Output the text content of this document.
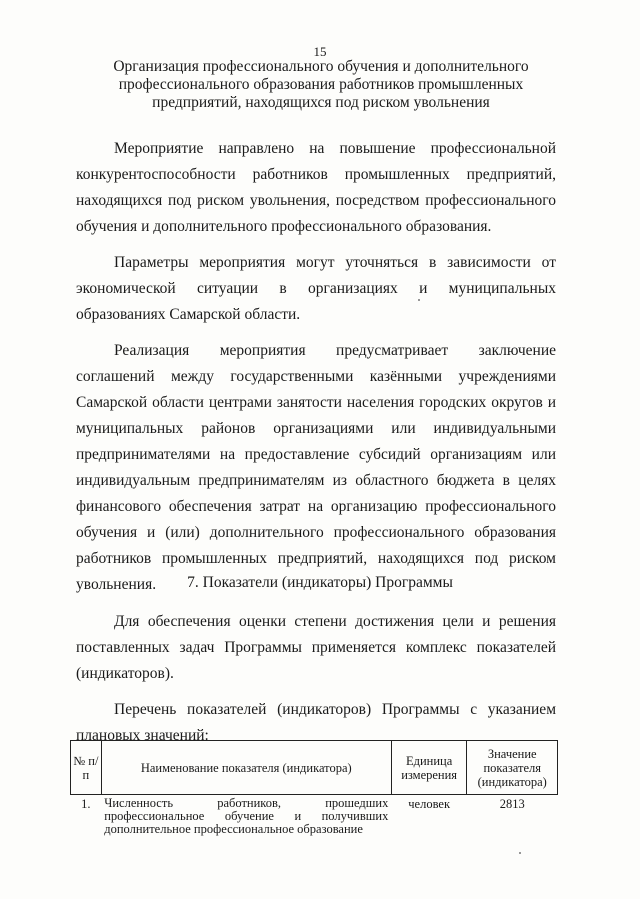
15
Организация профессионального обучения и дополнительного профессионального образования работников промышленных предприятий, находящихся под риском увольнения

Мероприятие направлено на повышение профессиональной конкурентоспособности работников промышленных предприятий, находящихся под риском увольнения, посредством профессионального обучения и дополнительного профессионального образования.

Параметры мероприятия могут уточняться в зависимости от экономической ситуации в организациях и муниципальных образованиях Самарской области.

Реализация мероприятия предусматривает заключение соглашений между государственными казёнными учреждениями Самарской области центрами занятости населения городских округов и муниципальных районов организациями или индивидуальными предпринимателями на предоставление субсидий организациям или индивидуальным предпринимателям из областного бюджета в целях финансового обеспечения затрат на организацию профессионального обучения и (или) дополнительного профессионального образования работников промышленных предприятий, находящихся под риском увольнения.	7. Показатели (индикаторы) Программы

Для обеспечения оценки степени достижения цели и решения поставленных задач Программы применяется комплекс показателей (индикаторов).

Перечень показателей (индикаторов) Программы с указанием плановых значений:

№ п/п	Наименование показателя (индикатора)	Единица измерения	Значение показателя (индикатора)
1.	Численность работников, прошедших профессиональное обучение и получивших дополнительное профессиональное образование	человек	2813
